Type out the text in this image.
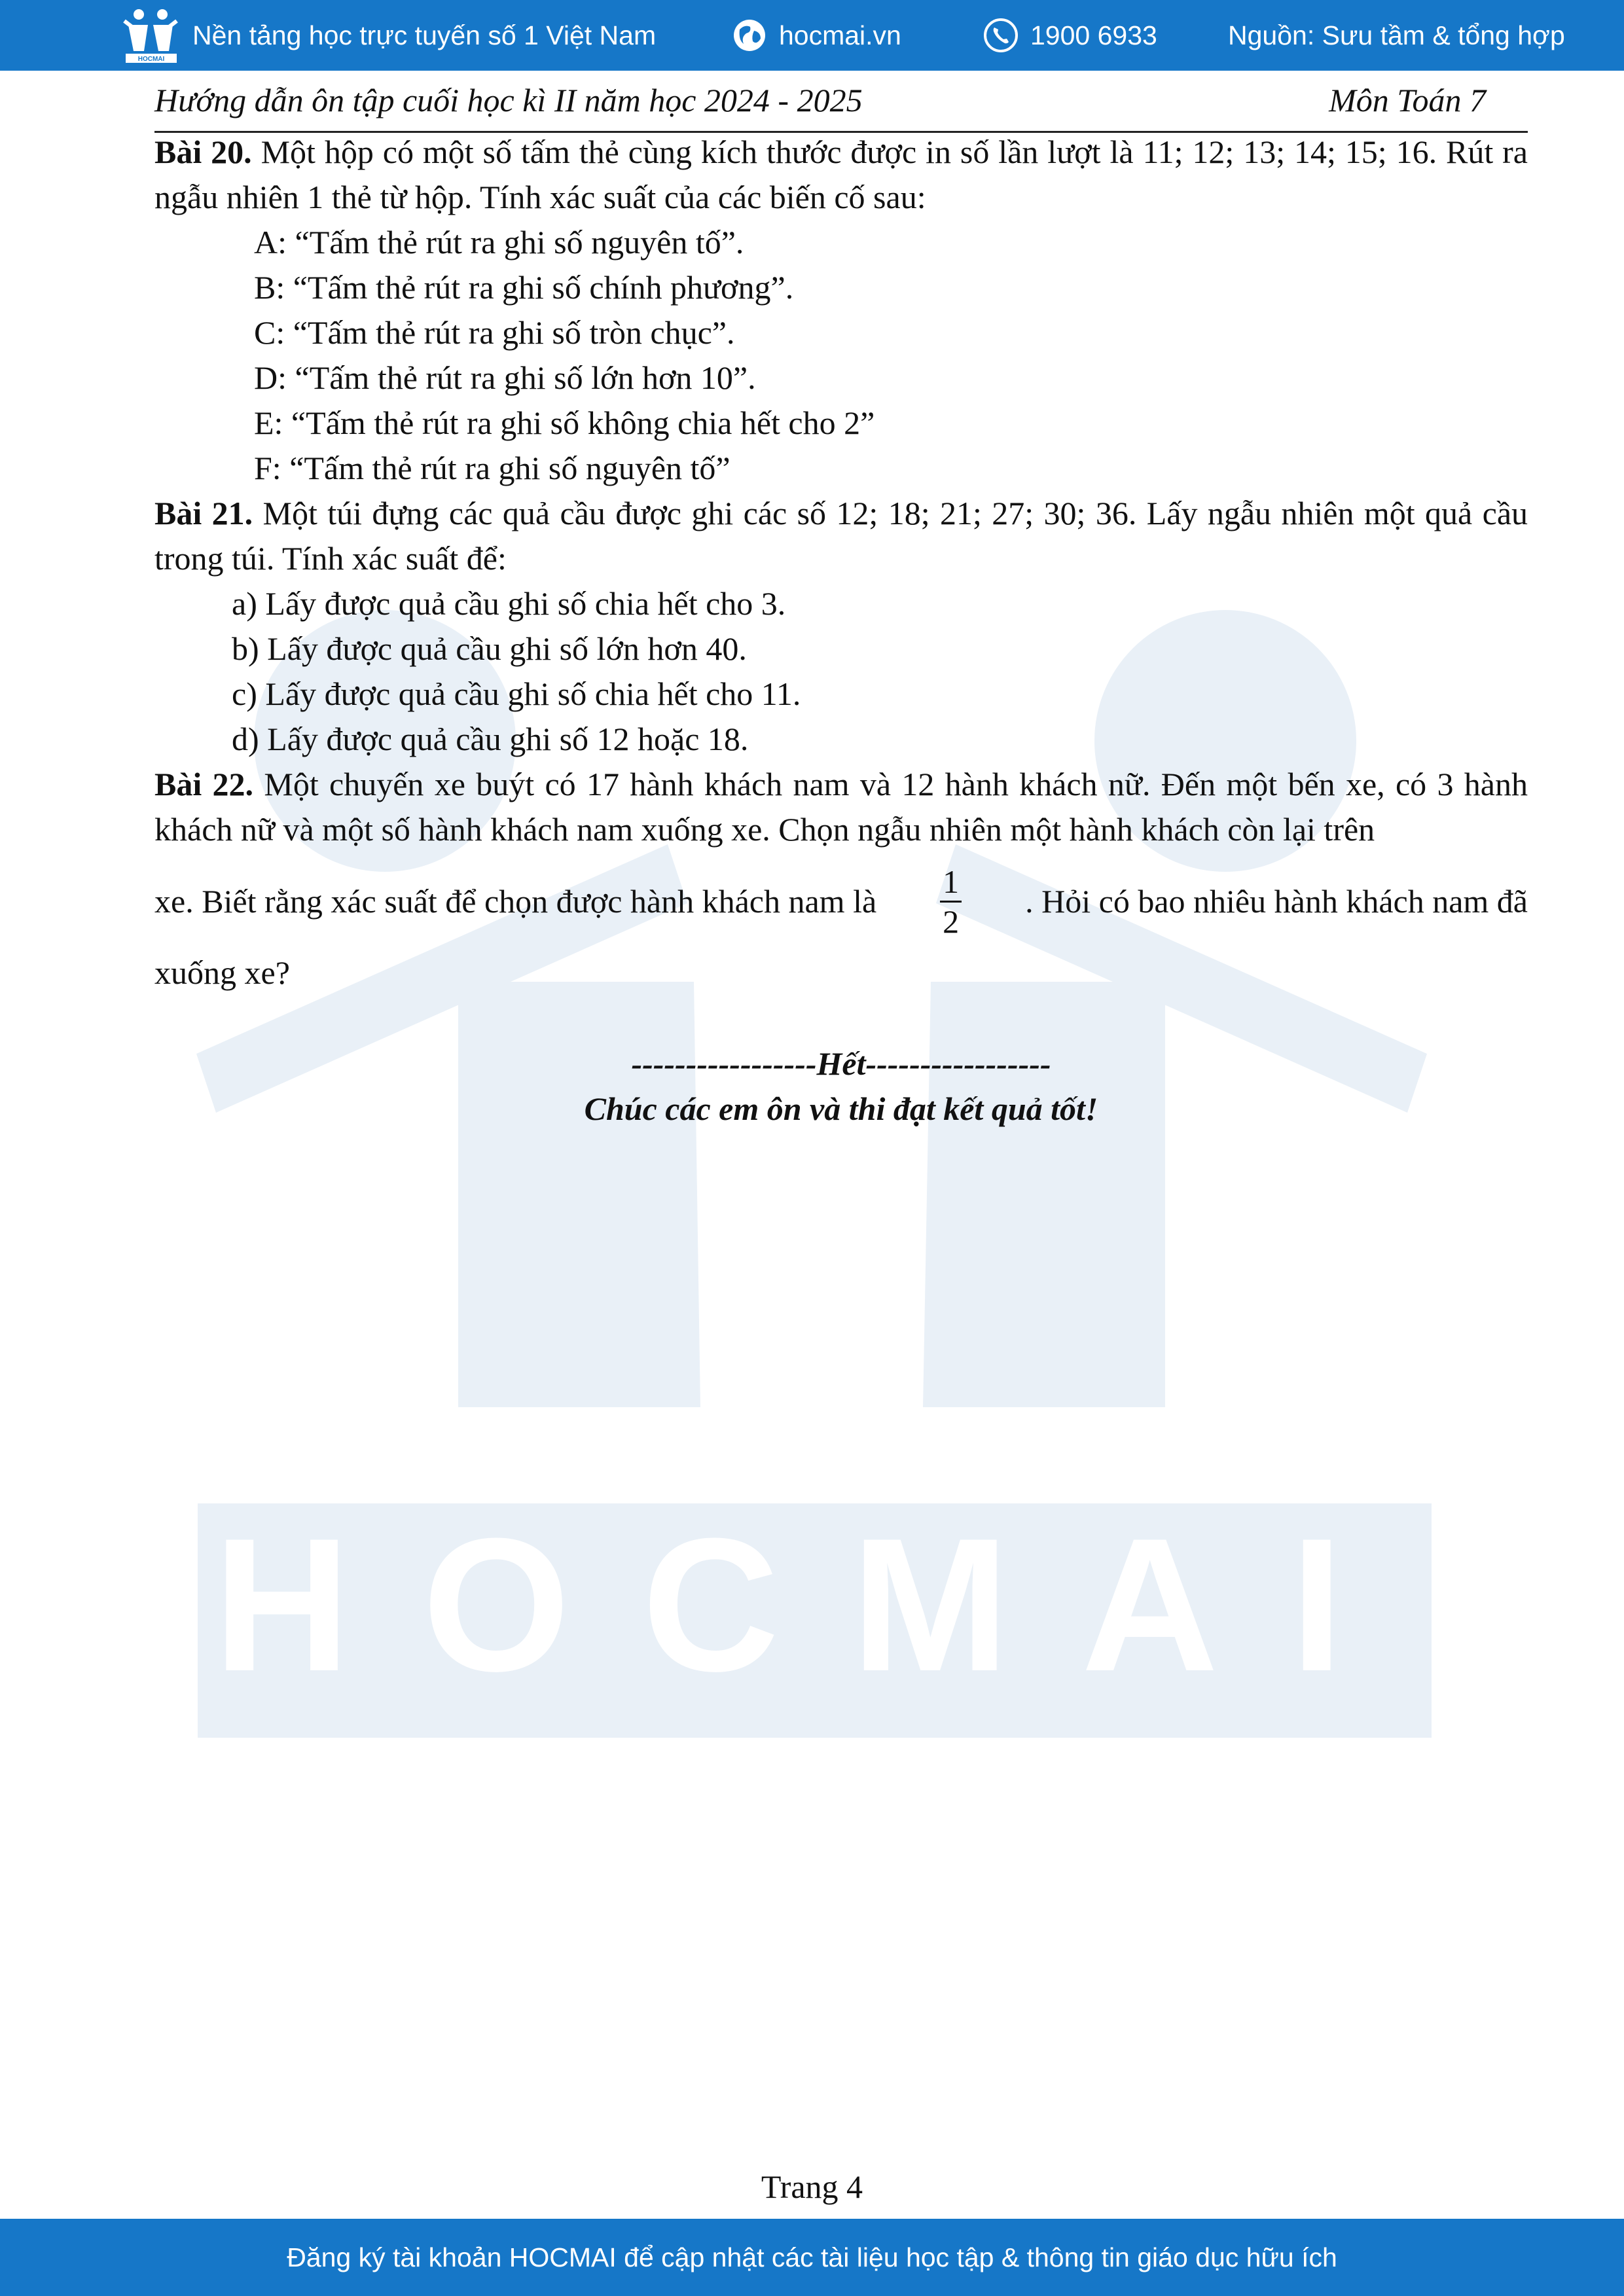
HOCMAI
Nền tảng học trực tuyến số 1 Việt Nam	hocmai.vn	1900 6933	Nguồn: Sưu tầm & tổng hợp
HOCMAI
Hướng dẫn ôn tập cuối học kì II năm học 2024 - 2025	Môn Toán 7

Bài 20. Một hộp có một số tấm thẻ cùng kích thước được in số lần lượt là 11; 12; 13; 14; 15; 16. Rút ra ngẫu nhiên 1 thẻ từ hộp. Tính xác suất của các biến cố sau:

A: “Tấm thẻ rút ra ghi số nguyên tố”.
B: “Tấm thẻ rút ra ghi số chính phương”.
C: “Tấm thẻ rút ra ghi số tròn chục”.
D: “Tấm thẻ rút ra ghi số lớn hơn 10”.
E: “Tấm thẻ rút ra ghi số không chia hết cho 2”
F: “Tấm thẻ rút ra ghi số nguyên tố”

Bài 21. Một túi đựng các quả cầu được ghi các số 12; 18; 21; 27; 30; 36. Lấy ngẫu nhiên một quả cầu trong túi. Tính xác suất để:

a) Lấy được quả cầu ghi số chia hết cho 3.
b) Lấy được quả cầu ghi số lớn hơn 40.
c) Lấy được quả cầu ghi số chia hết cho 11.
d) Lấy được quả cầu ghi số 12 hoặc 18.

Bài 22. Một chuyến xe buýt có 17 hành khách nam và 12 hành khách nữ. Đến một bến xe, có 3 hành khách nữ và một số hành khách nam xuống xe. Chọn ngẫu nhiên một hành khách còn lại trên

xe. Biết rằng xác suất để chọn được hành khách nam là $\frac{1}{2}$ . Hỏi có bao nhiêu hành khách nam đã
xuống xe?
-----------------Hết-----------------
Chúc các em ôn và thi đạt kết quả tốt!
Trang 4
Đăng ký tài khoản HOCMAI để cập nhật các tài liệu học tập & thông tin giáo dục hữu ích
